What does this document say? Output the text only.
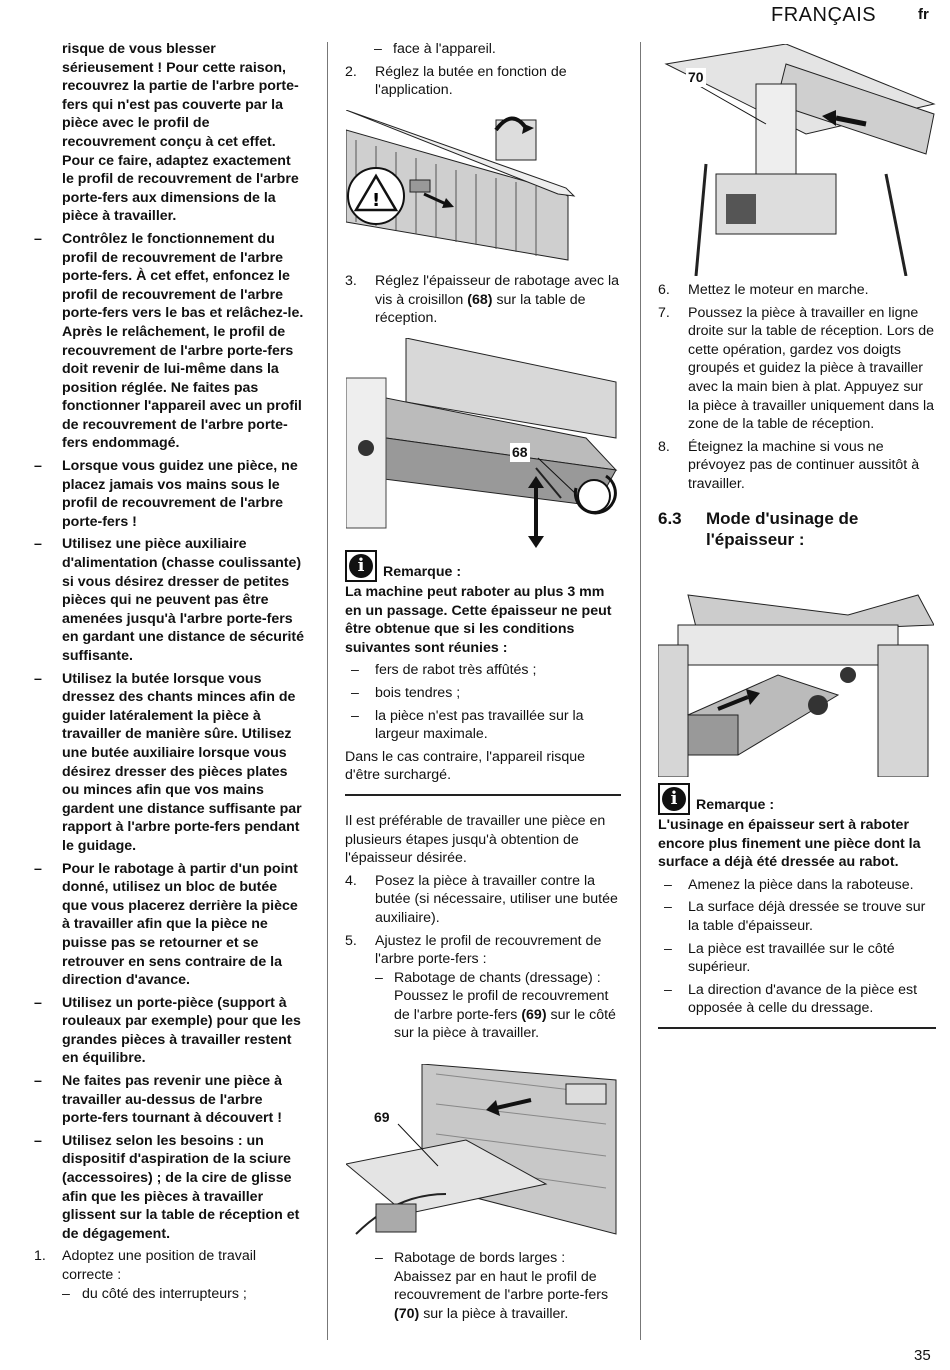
FRANÇAIS	fr
risque de vous blesser sérieusement ! Pour cette raison, recouvrez la partie de l'arbre porte-fers qui n'est pas couverte par la pièce avec le profil de recouvrement conçu à cet effet. Pour ce faire, adaptez exactement le profil de recouvrement de l'arbre porte-fers aux dimensions de la pièce à travailler.
– Contrôlez le fonctionnement du profil de recouvrement de l'arbre porte-fers. À cet effet, enfoncez le profil de recouvrement de l'arbre porte-fers vers le bas et relâchez-le. Après le relâchement, le profil de recouvrement de l'arbre porte-fers doit revenir de lui-même dans la position réglée. Ne faites pas fonctionner l'appareil avec un profil de recouvrement de l'arbre porte-fers endommagé.
– Lorsque vous guidez une pièce, ne placez jamais vos mains sous le profil de recouvrement de l'arbre porte-fers !
– Utilisez une pièce auxiliaire d'alimentation (chasse coulissante) si vous désirez dresser de petites pièces qui ne peuvent pas être amenées jusqu'à l'arbre porte-fers en gardant une distance de sécurité suffisante.
– Utilisez la butée lorsque vous dressez des chants minces afin de guider latéralement la pièce à travailler de manière sûre. Utilisez une butée auxiliaire lorsque vous désirez dresser des pièces plates ou minces afin que vos mains gardent une distance suffisante par rapport à l'arbre porte-fers pendant le guidage.
– Pour le rabotage à partir d'un point donné, utilisez un bloc de butée que vous placerez derrière la pièce à travailler afin que la pièce ne puisse pas se retourner et se retrouver en sens contraire de la direction d'avance.
– Utilisez un porte-pièce (support à rouleaux par exemple) pour que les grandes pièces à travailler restent en équilibre.
– Ne faites pas revenir une pièce à travailler au-dessus de l'arbre porte-fers tournant à découvert !
– Utilisez selon les besoins : un dispositif d'aspiration de la sciure (accessoires) ; de la cire de glisse afin que les pièces à travailler glissent sur la table de réception et de dégagement.
1. Adoptez une position de travail correcte :
– du côté des interrupteurs ;
– face à l'appareil.
2. Réglez la butée en fonction de l'application.
!
3. Réglez l'épaisseur de rabotage avec la vis à croisillon (68) sur la table de réception.
68
i	Remarque :
La machine peut raboter au plus 3 mm en un passage. Cette épaisseur ne peut être obtenue que si les conditions suivantes sont réunies :
– fers de rabot très affûtés ;
– bois tendres ;
– la pièce n'est pas travaillée sur la largeur maximale.
Dans le cas contraire, l'appareil risque d'être surchargé.
Il est préférable de travailler une pièce en plusieurs étapes jusqu'à obtention de l'épaisseur désirée.
4. Posez la pièce à travailler contre la butée (si nécessaire, utiliser une butée auxiliaire).
5. Ajustez le profil de recouvrement de l'arbre porte-fers :
– Rabotage de chants (dressage) : Poussez le profil de recouvrement de l'arbre porte-fers (69) sur le côté sur la pièce à travailler.
69
– Rabotage de bords larges : Abaissez par en haut le profil de recouvrement de l'arbre porte-fers (70) sur la pièce à travailler.
70
6. Mettez le moteur en marche.
7. Poussez la pièce à travailler en ligne droite sur la table de réception. Lors de cette opération, gardez vos doigts groupés et guidez la pièce à travailler avec la main bien à plat. Appuyez sur la pièce à travailler uniquement dans la zone de la table de réception.
8. Éteignez la machine si vous ne prévoyez pas de continuer aussitôt à travailler.
6.3 Mode d'usinage de l'épaisseur :
i	Remarque :
L'usinage en épaisseur sert à raboter encore plus finement une pièce dont la surface a déjà été dressée au rabot.
– Amenez la pièce dans la raboteuse.
– La surface déjà dressée se trouve sur la table d'épaisseur.
– La pièce est travaillée sur le côté supérieur.
– La direction d'avance de la pièce est opposée à celle du dressage.
35
